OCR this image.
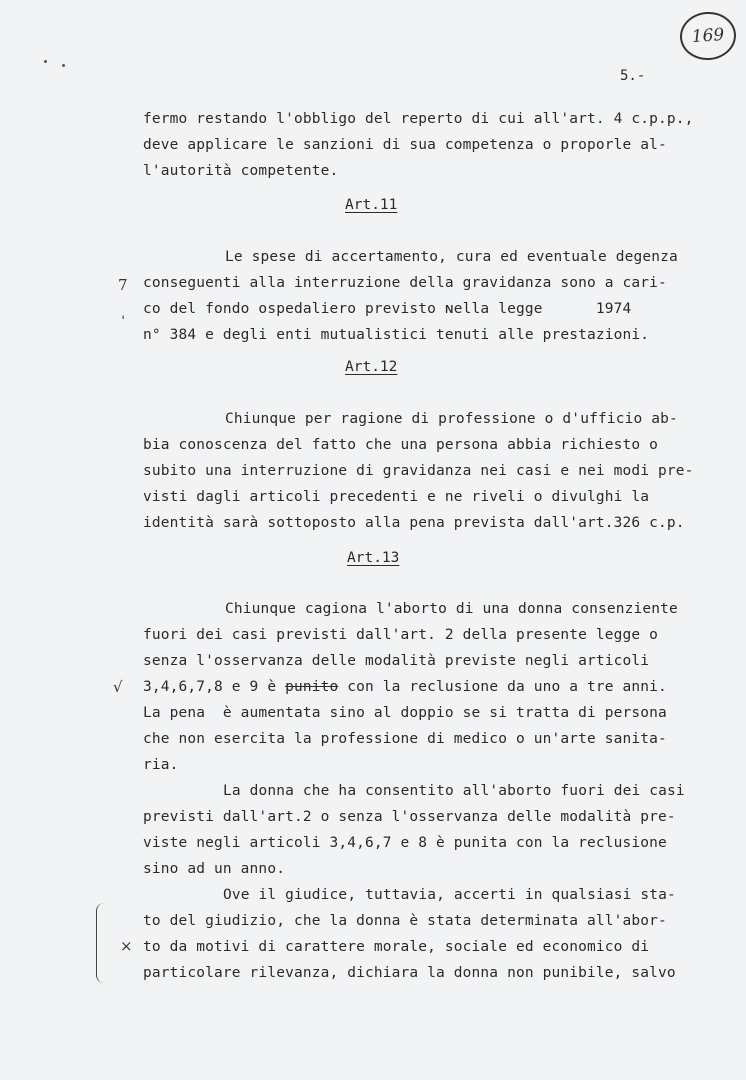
169
5.-
fermo restando l'obbligo del reperto di cui all'art. 4 c.p.p.,
deve applicare le sanzioni di sua competenza o proporle al-
l'autorità competente.
Art.11
Le spese di accertamento, cura ed eventuale degenza
conseguenti alla interruzione della gravidanza sono a cari-
co del fondo ospedaliero previsto ɴella legge      1974
n° 384 e degli enti mutualistici tenuti alle prestazioni.
7
ˌ
Art.12
Chiunque per ragione di professione o d'ufficio ab-
bia conoscenza del fatto che una persona abbia richiesto o
subito una interruzione di gravidanza nei casi e nei modi pre-
visti dagli articoli precedenti e ne riveli o divulghi la
identità sarà sottoposto alla pena prevista dall'art.326 c.p.
Art.13
Chiunque cagiona l'aborto di una donna consenziente
fuori dei casi previsti dall'art. 2 della presente legge o
senza l'osservanza delle modalità previste negli articoli
3,4,6,7,8 e 9 è punito con la reclusione da uno a tre anni.
√
La pena  è aumentata sino al doppio se si tratta di persona
che non esercita la professione di medico o un'arte sanita-
ria.
La donna che ha consentito all'aborto fuori dei casi
previsti dall'art.2 o senza l'osservanza delle modalità pre-
viste negli articoli 3,4,6,7 e 8 è punita con la reclusione
sino ad un anno.
Ove il giudice, tuttavia, accerti in qualsiasi sta-
to del giudizio, che la donna è stata determinata all'abor-
to da motivi di carattere morale, sociale ed economico di
particolare rilevanza, dichiara la donna non punibile, salvo
×
